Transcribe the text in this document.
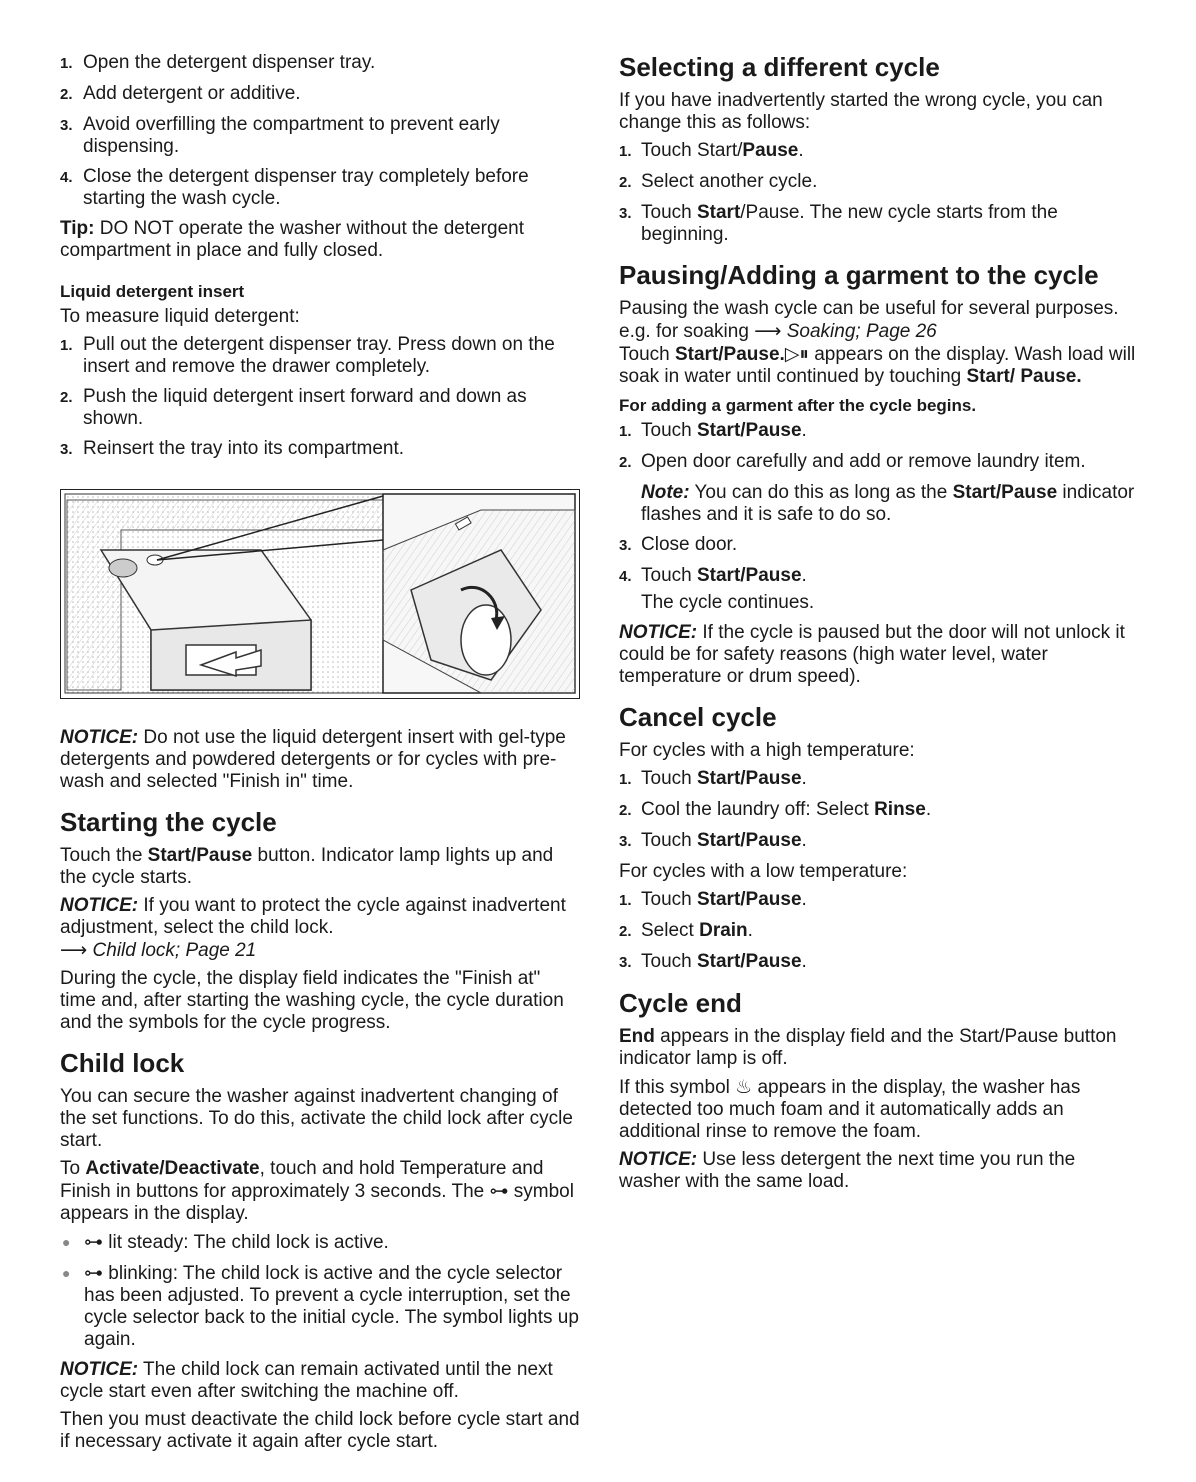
1. Open the detergent dispenser tray.
2. Add detergent or additive.
3. Avoid overfilling the compartment to prevent early dispensing.
4. Close the detergent dispenser tray completely before starting the wash cycle.

Tip: DO NOT operate the washer without the detergent compartment in place and fully closed.

Liquid detergent insert

To measure liquid detergent:

1. Pull out the detergent dispenser tray. Press down on the insert and remove the drawer completely.
2. Push the liquid detergent insert forward and down as shown.
3. Reinsert the tray into its compartment.

NOTICE: Do not use the liquid detergent insert with gel-type detergents and powdered detergents or for cycles with pre-wash and selected "Finish in" time.

Starting the cycle

Touch the Start/Pause button. Indicator lamp lights up and the cycle starts.

NOTICE: If you want to protect the cycle against inadvertent adjustment, select the child lock.

⟶ Child lock; Page 21

During the cycle, the display field indicates the "Finish at" time and, after starting the washing cycle, the cycle duration and the symbols for the cycle progress.

Child lock

You can secure the washer against inadvertent changing of the set functions. To do this, activate the child lock after cycle start.

To Activate/Deactivate, touch and hold Temperature and Finish in buttons for approximately 3 seconds. The ⊶ symbol appears in the display.

● ⊶ lit steady: The child lock is active.
● ⊶ blinking: The child lock is active and the cycle selector has been adjusted. To prevent a cycle interruption, set the cycle selector back to the initial cycle. The symbol lights up again.

NOTICE: The child lock can remain activated until the next cycle start even after switching the machine off.

Then you must deactivate the child lock before cycle start and if necessary activate it again after cycle start.

Selecting a different cycle

If you have inadvertently started the wrong cycle, you can change this as follows:

1. Touch Start/Pause.
2. Select another cycle.
3. Touch Start/Pause. The new cycle starts from the beginning.
Pausing/Adding a garment to the cycle

Pausing the wash cycle can be useful for several purposes.

e.g. for soaking ⟶ Soaking; Page 26

Touch Start/Pause.▷⏸ appears on the display. Wash load will soak in water until continued by touching Start/ Pause.

For adding a garment after the cycle begins.
1. Touch Start/Pause.
2. Open door carefully and add or remove laundry item.

Note: You can do this as long as the Start/Pause indicator flashes and it is safe to do so.

3. Close door.
4. Touch Start/Pause.

The cycle continues.

NOTICE: If the cycle is paused but the door will not unlock it could be for safety reasons (high water level, water temperature or drum speed).

Cancel cycle

For cycles with a high temperature:

1. Touch Start/Pause.
2. Cool the laundry off: Select Rinse.
3. Touch Start/Pause.

For cycles with a low temperature:

1. Touch Start/Pause.
2. Select Drain.
3. Touch Start/Pause.
Cycle end

End appears in the display field and the Start/Pause button indicator lamp is off.

If this symbol ♨ appears in the display, the washer has detected too much foam and it automatically adds an additional rinse to remove the foam.

NOTICE: Use less detergent the next time you run the washer with the same load.
